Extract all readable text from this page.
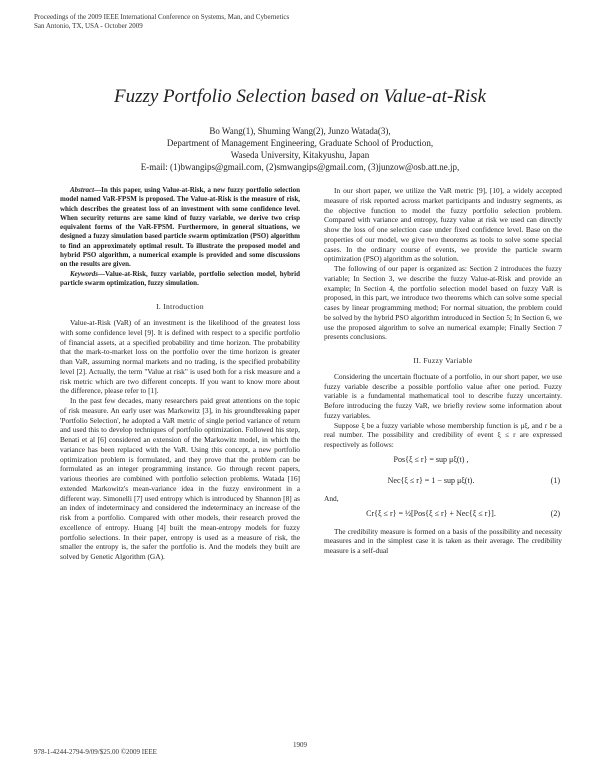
Proceedings of the 2009 IEEE International Conference on Systems, Man, and Cybernetics
San Antonio, TX, USA - October 2009
Fuzzy Portfolio Selection based on Value-at-Risk
Bo Wang(1), Shuming Wang(2), Junzo Watada(3),
Department of Management Engineering, Graduate School of Production,
Waseda University, Kitakyushu, Japan
E-mail: (1)bwangips@gmail.com, (2)smwangips@gmail.com, (3)junzow@osb.att.ne.jp,

Abstract—In this paper, using Value-at-Risk, a new fuzzy portfolio selection model named VaR-FPSM is proposed. The Value-at-Risk is the measure of risk, which describes the greatest loss of an investment with some confidence level. When security returns are same kind of fuzzy variable, we derive two crisp equivalent forms of the VaR-FPSM. Furthermore, in general situations, we designed a fuzzy simulation based particle swarm optimization (PSO) algorithm to find an approximately optimal result. To illustrate the proposed model and hybrid PSO algorithm, a numerical example is provided and some discussions on the results are given.

Keywords—Value-at-Risk, fuzzy variable, portfolio selection model, hybrid particle swarm optimization, fuzzy simulation.

I. Introduction

Value-at-Risk (VaR) of an investment is the likelihood of the greatest loss with some confidence level [9]. It is defined with respect to a specific portfolio of financial assets, at a specified probability and time horizon. The probability that the mark-to-market loss on the portfolio over the time horizon is greater than VaR, assuming normal markets and no trading, is the specified probability level [2]. Actually, the term "Value at risk" is used both for a risk measure and a risk metric which are two different concepts. If you want to know more about the difference, please refer to [1].

In the past few decades, many researchers paid great attentions on the topic of risk measure. An early user was Markowitz [3], in his groundbreaking paper 'Portfolio Selection', he adopted a VaR metric of single period variance of return and used this to develop techniques of portfolio optimization. Followed his step, Benati et al [6] considered an extension of the Markowitz model, in which the variance has been replaced with the VaR. Using this concept, a new portfolio optimization problem is formulated, and they prove that the problem can be formulated as an integer programming instance. Go through recent papers, various theories are combined with portfolio selection problems. Watada [16] extended Markowitz's mean-variance idea in the fuzzy environment in a different way. Simonelli [7] used entropy which is introduced by Shannon [8] as an index of indeterminacy and considered the indeterminacy an increase of the risk from a portfolio. Compared with other models, their research proved the excellence of entropy. Huang [4] built the mean-entropy models for fuzzy portfolio selections. In their paper, entropy is used as a measure of risk, the smaller the entropy is, the safer the portfolio is. And the models they built are solved by Genetic Algorithm (GA).

In our short paper, we utilize the VaR metric [9], [10], a widely accepted measure of risk reported across market participants and industry segments, as the objective function to model the fuzzy portfolio selection problem. Compared with variance and entropy, fuzzy value at risk we used can directly show the loss of one selection case under fixed confidence level. Base on the properties of our model, we give two theorems as tools to solve some special cases. In the ordinary course of events, we provide the particle swarm optimization (PSO) algorithm as the solution.

The following of our paper is organized as: Section 2 introduces the fuzzy variable; In Section 3, we describe the fuzzy Value-at-Risk and provide an example; In Section 4, the portfolio selection model based on fuzzy VaR is proposed, in this part, we introduce two theorems which can solve some special cases by linear programming method; For normal situation, the problem could be solved by the hybrid PSO algorithm introduced in Section 5; In Section 6, we use the proposed algorithm to solve an numerical example; Finally Section 7 presents conclusions.

II. Fuzzy Variable

Considering the uncertain fluctuate of a portfolio, in our short paper, we use fuzzy variable describe a possible portfolio value after one period. Fuzzy variable is a fundamental mathematical tool to describe fuzzy uncertainty. Before introducing the fuzzy VaR, we briefly review some information about fuzzy variables.

Suppose ξ be a fuzzy variable whose membership function is μξ, and r be a real number. The possibility and credibility of event ξ ≤ r are expressed respectively as follows:

Pos{ξ ≤ r} = sup μξ(t) ,
Nec{ξ ≤ r} = 1 − sup μξ(t).	(1)

And,

Cr{ξ ≤ r} = ½[Pos{ξ ≤ r} + Nec{ξ ≤ r}].	(2)

The credibility measure is formed on a basis of the possibility and necessity measures and in the simplest case it is taken as their average. The credibility measure is a self-dual

1909
978-1-4244-2794-9/09/$25.00 ©2009 IEEE
